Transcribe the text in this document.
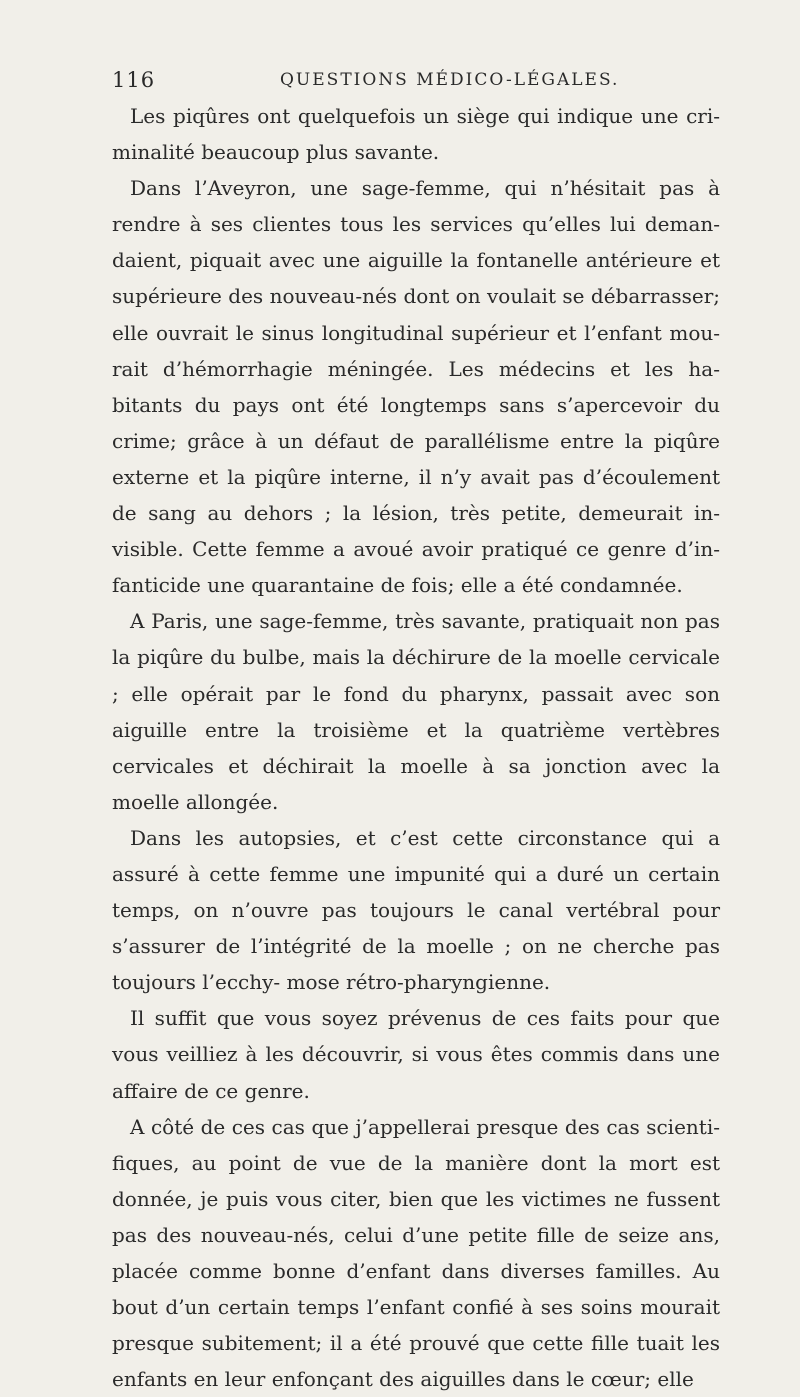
116	QUESTIONS MÉDICO-LÉGALES.

Les piqûres ont quelquefois un siège qui indique une cri- minalité beaucoup plus savante.

Dans l’Aveyron, une sage-femme, qui n’hésitait pas à rendre à ses clientes tous les services qu’elles lui deman- daient, piquait avec une aiguille la fontanelle antérieure et supérieure des nouveau-nés dont on voulait se débarrasser; elle ouvrait le sinus longitudinal supérieur et l’enfant mou- rait d’hémorrhagie méningée. Les médecins et les ha- bitants du pays ont été longtemps sans s’apercevoir du crime; grâce à un défaut de parallélisme entre la piqûre externe et la piqûre interne, il n’y avait pas d’écoulement de sang au dehors ; la lésion, très petite, demeurait in- visible. Cette femme a avoué avoir pratiqué ce genre d’in- fanticide une quarantaine de fois; elle a été condamnée.

A Paris, une sage-femme, très savante, pratiquait non pas la piqûre du bulbe, mais la déchirure de la moelle cervicale ; elle opérait par le fond du pharynx, passait avec son aiguille entre la troisième et la quatrième vertèbres cervicales et déchirait la moelle à sa jonction avec la moelle allongée.

Dans les autopsies, et c’est cette circonstance qui a assuré à cette femme une impunité qui a duré un certain temps, on n’ouvre pas toujours le canal vertébral pour s’assurer de l’intégrité de la moelle ; on ne cherche pas toujours l’ecchy- mose rétro-pharyngienne.

Il suffit que vous soyez prévenus de ces faits pour que vous veilliez à les découvrir, si vous êtes commis dans une affaire de ce genre.

A côté de ces cas que j’appellerai presque des cas scienti- fiques, au point de vue de la manière dont la mort est donnée, je puis vous citer, bien que les victimes ne fussent pas des nouveau-nés, celui d’une petite fille de seize ans, placée comme bonne d’enfant dans diverses familles. Au bout d’un certain temps l’enfant confié à ses soins mourait presque subitement; il a été prouvé que cette fille tuait les enfants en leur enfonçant des aiguilles dans le cœur; elle
